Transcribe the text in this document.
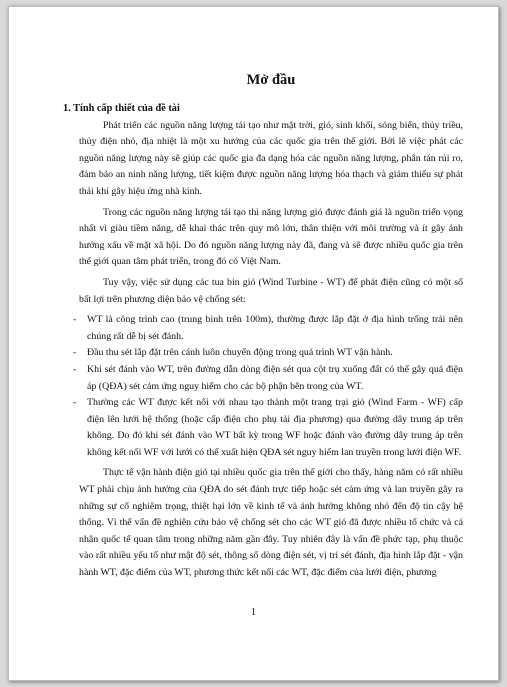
Mở đầu
1. Tính cấp thiết của đề tài

Phát triển các nguồn năng lượng tái tạo như mặt trời, gió, sinh khối, sóng biển, thủy triều, thủy điện nhỏ, địa nhiệt là một xu hướng của các quốc gia trên thế giới. Bởi lẽ việc phát các nguồn năng lượng này sẽ giúp các quốc gia đa dạng hóa các nguồn năng lượng, phân tán rủi ro, đảm bảo an ninh năng lượng, tiết kiệm được nguồn năng lượng hóa thạch và giảm thiểu sự phát thải khí gây hiệu ứng nhà kính.

Trong các nguồn năng lượng tái tạo thì năng lượng gió được đánh giá là nguồn triển vọng nhất vì giàu tiềm năng, dễ khai thác trên quy mô lớn, thân thiện với môi trường và ít gây ảnh hưởng xấu về mặt xã hội. Do đó nguồn năng lượng này đã, đang và sẽ được nhiều quốc gia trên thế giới quan tâm phát triển, trong đó có Việt Nam.

Tuy vậy, việc sử dụng các tua bin gió (Wind Turbine - WT) để phát điện cũng có một số bất lợi trên phương diện bảo vệ chống sét:

- WT là công trình cao (trung bình trên 100m), thường được lắp đặt ở địa hình trống trải nên chúng rất dễ bị sét đánh.
- Đầu thu sét lắp đặt trên cánh luôn chuyển động trong quá trình WT vận hành.
- Khi sét đánh vào WT, trên đường dẫn dòng điện sét qua cột trụ xuống đất có thể gây quá điện áp (QĐA) sét cảm ứng nguy hiểm cho các bộ phận bên trong của WT.
- Thường các WT được kết nối với nhau tạo thành một trang trại gió (Wind Farm - WF) cấp điện lên lưới hệ thống (hoặc cấp điện cho phụ tải địa phương) qua đường dây trung áp trên không. Do đó khi sét đánh vào WT bất kỳ trong WF hoặc đánh vào đường dây trung áp trên không kết nối WF với lưới có thể xuất hiện QĐA sét nguy hiểm lan truyền trong lưới điện WF.

Thực tế vận hành điện gió tại nhiều quốc gia trên thế giới cho thấy, hàng năm có rất nhiều WT phải chịu ảnh hưởng của QĐA do sét đánh trực tiếp hoặc sét cảm ứng và lan truyền gây ra những sự cố nghiêm trọng, thiệt hại lớn về kinh tế và ảnh hưởng không nhỏ đến độ tin cậy hệ thống. Vì thế vấn đề nghiên cứu bảo vệ chống sét cho các WT gió đã được nhiều tổ chức và cá nhân quốc tế quan tâm trong những năm gần đây. Tuy nhiên đây là vấn đề phức tạp, phụ thuộc vào rất nhiều yếu tố như mật độ sét, thông số dòng điện sét, vị trí sét đánh, địa hình lắp đặt - vận hành WT, đặc điểm của WT, phương thức kết nối các WT, đặc điểm của lưới điện, phương

1
